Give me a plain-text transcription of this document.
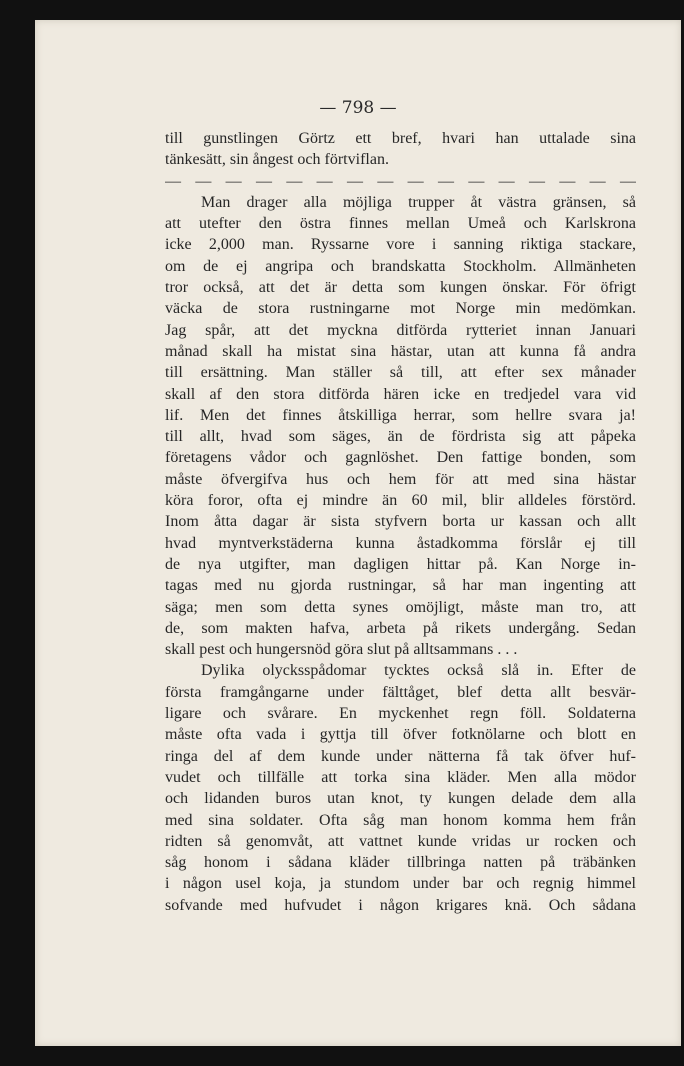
— 798 —
till gunstlingen Görtz ett bref, hvari han uttalade sina
tänkesätt, sin ångest och förtviflan.
— — — — — — — — — — — — — — — —
Man drager alla möjliga trupper åt västra gränsen, så
att utefter den östra finnes mellan Umeå och Karlskrona
icke 2,000 man. Ryssarne vore i sanning riktiga stackare,
om de ej angripa och brandskatta Stockholm. Allmänheten
tror också, att det är detta som kungen önskar. För öfrigt
väcka de stora rustningarne mot Norge min medömkan.
Jag spår, att det myckna ditförda rytteriet innan Januari
månad skall ha mistat sina hästar, utan att kunna få andra
till ersättning. Man ställer så till, att efter sex månader
skall af den stora ditförda hären icke en tredjedel vara vid
lif. Men det finnes åtskilliga herrar, som hellre svara ja!
till allt, hvad som säges, än de fördrista sig att påpeka
företagens vådor och gagnlöshet. Den fattige bonden, som
måste öfvergifva hus och hem för att med sina hästar
köra foror, ofta ej mindre än 60 mil, blir alldeles förstörd.
Inom åtta dagar är sista styfvern borta ur kassan och allt
hvad myntverkstäderna kunna åstadkomma förslår ej till
de nya utgifter, man dagligen hittar på. Kan Norge in-
tagas med nu gjorda rustningar, så har man ingenting att
säga; men som detta synes omöjligt, måste man tro, att
de, som makten hafva, arbeta på rikets undergång. Sedan
skall pest och hungersnöd göra slut på alltsammans . . .
Dylika olycksspådomar tycktes också slå in. Efter de
första framgångarne under fälttåget, blef detta allt besvär-
ligare och svårare. En myckenhet regn föll. Soldaterna
måste ofta vada i gyttja till öfver fotknölarne och blott en
ringa del af dem kunde under nätterna få tak öfver huf-
vudet och tillfälle att torka sina kläder. Men alla mödor
och lidanden buros utan knot, ty kungen delade dem alla
med sina soldater. Ofta såg man honom komma hem från
ridten så genomvåt, att vattnet kunde vridas ur rocken och
såg honom i sådana kläder tillbringa natten på träbänken
i någon usel koja, ja stundom under bar och regnig himmel
sofvande med hufvudet i någon krigares knä. Och sådana
